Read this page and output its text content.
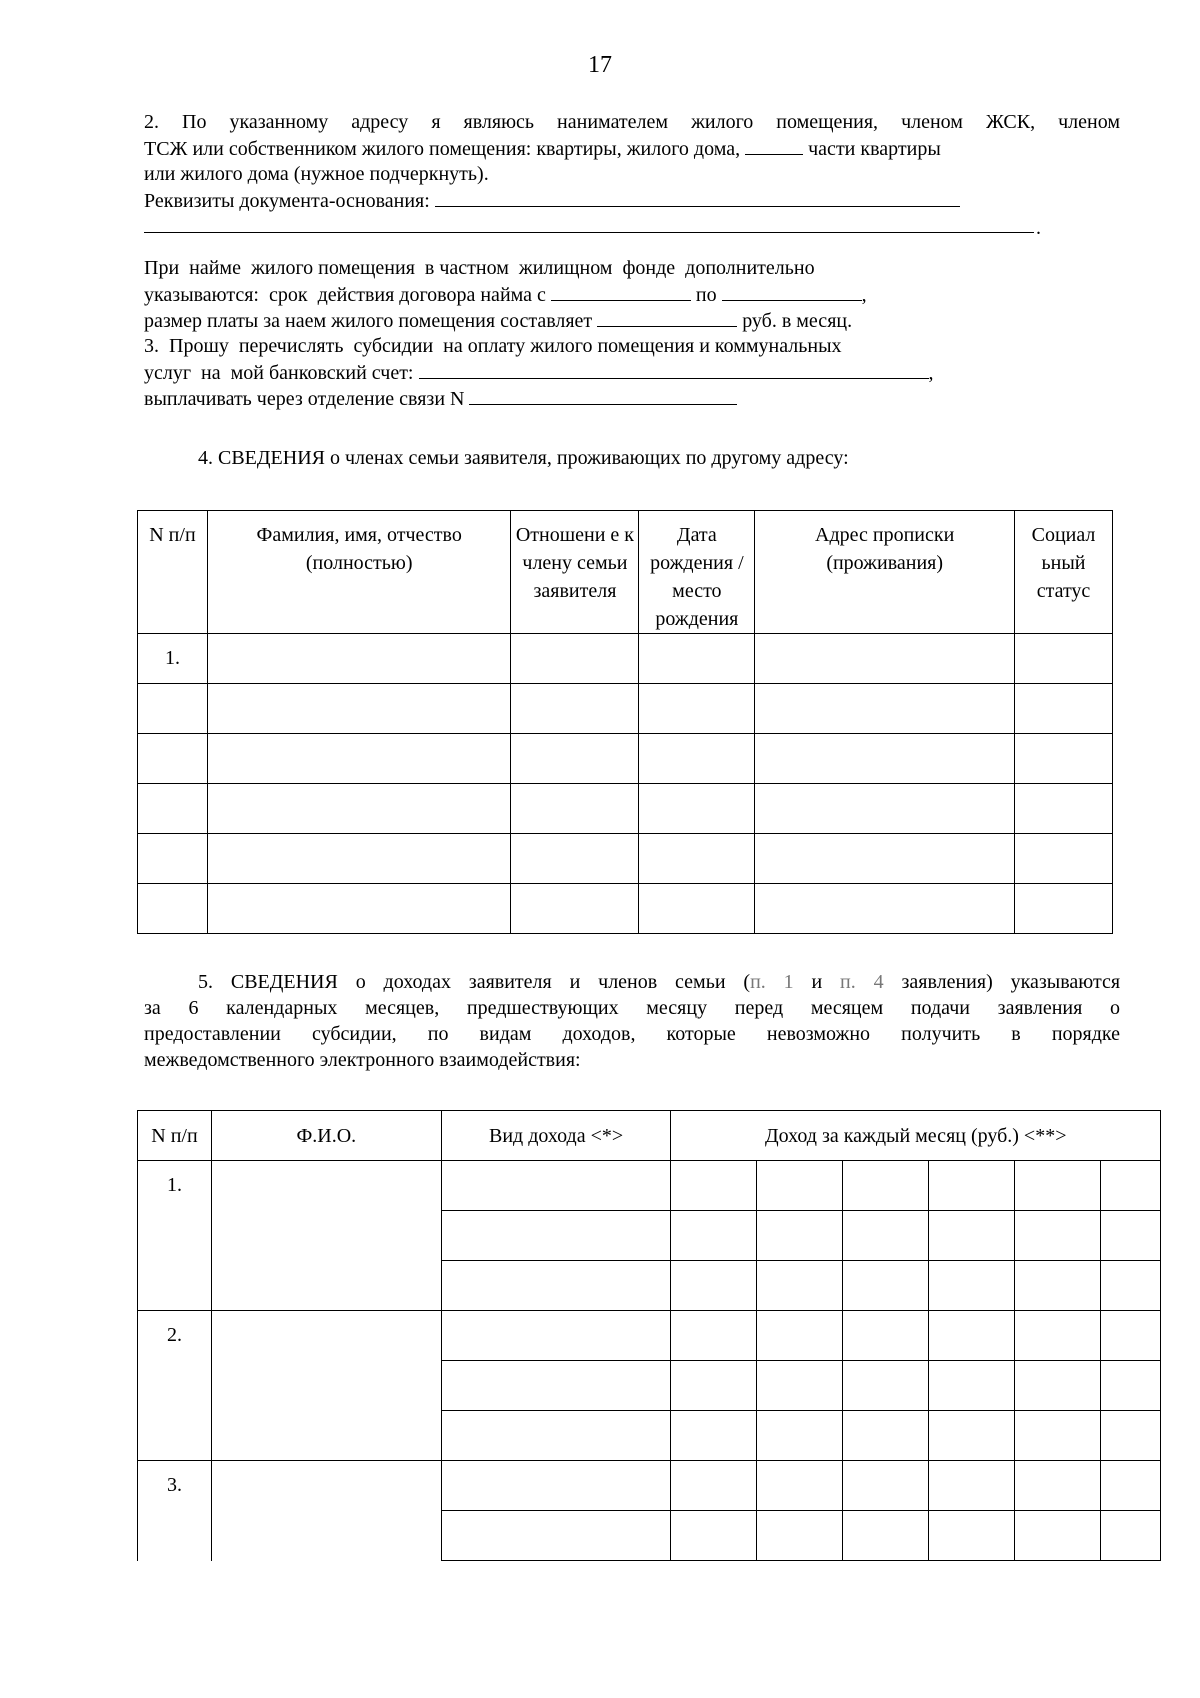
17
2. По указанному адресу я являюсь нанимателем жилого помещения, членом ЖСК, членом
ТСЖ или собственником жилого помещения: квартиры, жилого дома,	части квартиры
или жилого дома (нужное подчеркнуть).
Реквизиты документа-основания:
.
При  найме  жилого помещения  в частном  жилищном  фонде  дополнительно
указываются:  срок  действия договора найма с	по	,
размер платы за наем жилого помещения составляет	руб. в месяц.
3.  Прошу  перечислять  субсидии  на оплату жилого помещения и коммунальных
услуг  на  мой банковский счет:	,
выплачивать через отделение связи N
4. СВЕДЕНИЯ о членах семьи заявителя, проживающих по другому адресу:
N п/п	Фамилия, имя, отчество (полностью)	Отношени е к члену семьи заявителя	Дата рождения /место рождения	Адрес прописки (проживания)	Социал ьный статус
1.					

5. СВЕДЕНИЯ о доходах заявителя и членов семьи (п. 1 и п. 4 заявления) указываются
за 6 календарных месяцев, предшествующих месяцу перед месяцем подачи заявления о
предоставлении субсидии, по видам доходов, которые невозможно получить в порядке
межведомственного электронного взаимодействия:
N п/п	Ф.И.О.	Вид дохода <*>	Доход за каждый месяц (руб.) <**>					
1.								

2.								

3.								
